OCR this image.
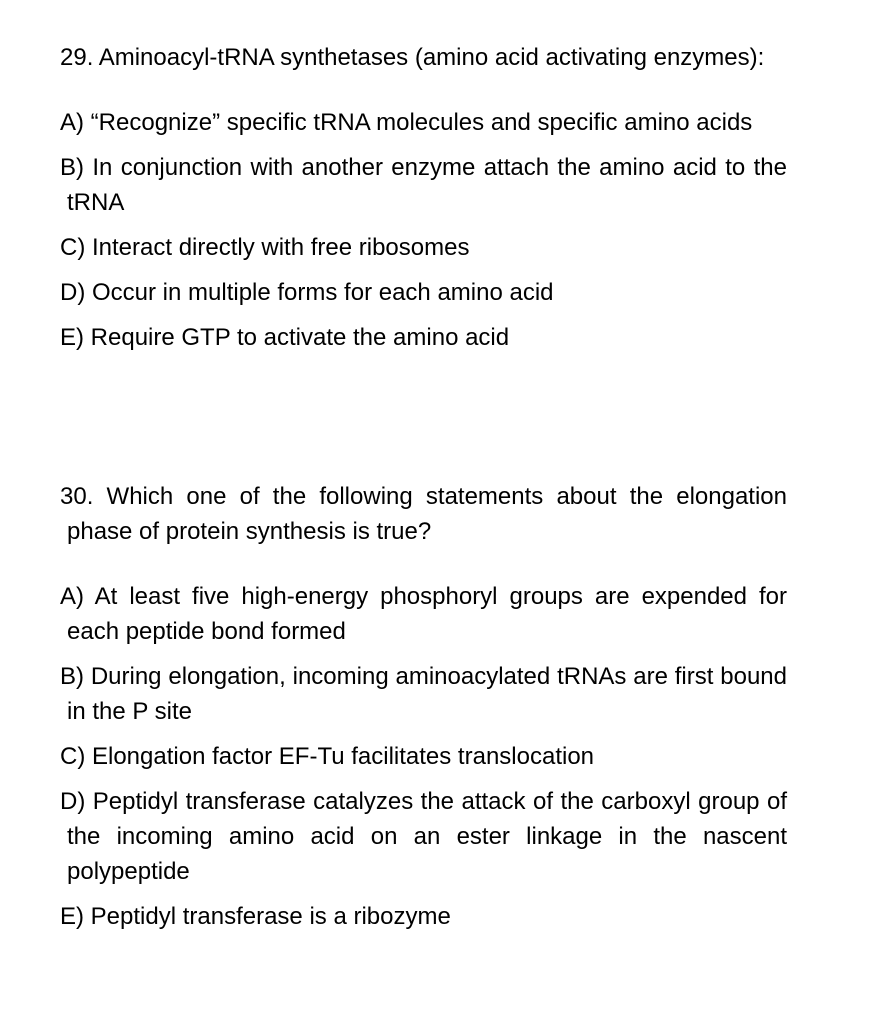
29. Aminoacyl-tRNA synthetases (amino acid activating enzymes):

A) “Recognize” specific tRNA molecules and specific amino acids

B) In conjunction with another enzyme attach the amino acid to the tRNA

C) Interact directly with free ribosomes

D) Occur in multiple forms for each amino acid

E) Require GTP to activate the amino acid

30. Which one of the following statements about the elongation phase of protein synthesis is true?

A) At least five high-energy phosphoryl groups are expended for each peptide bond formed

B) During elongation, incoming aminoacylated tRNAs are first bound in the P site

C) Elongation factor EF-Tu facilitates translocation

D) Peptidyl transferase catalyzes the attack of the carboxyl group of the incoming amino acid on an ester linkage in the nascent polypeptide

E) Peptidyl transferase is a ribozyme
